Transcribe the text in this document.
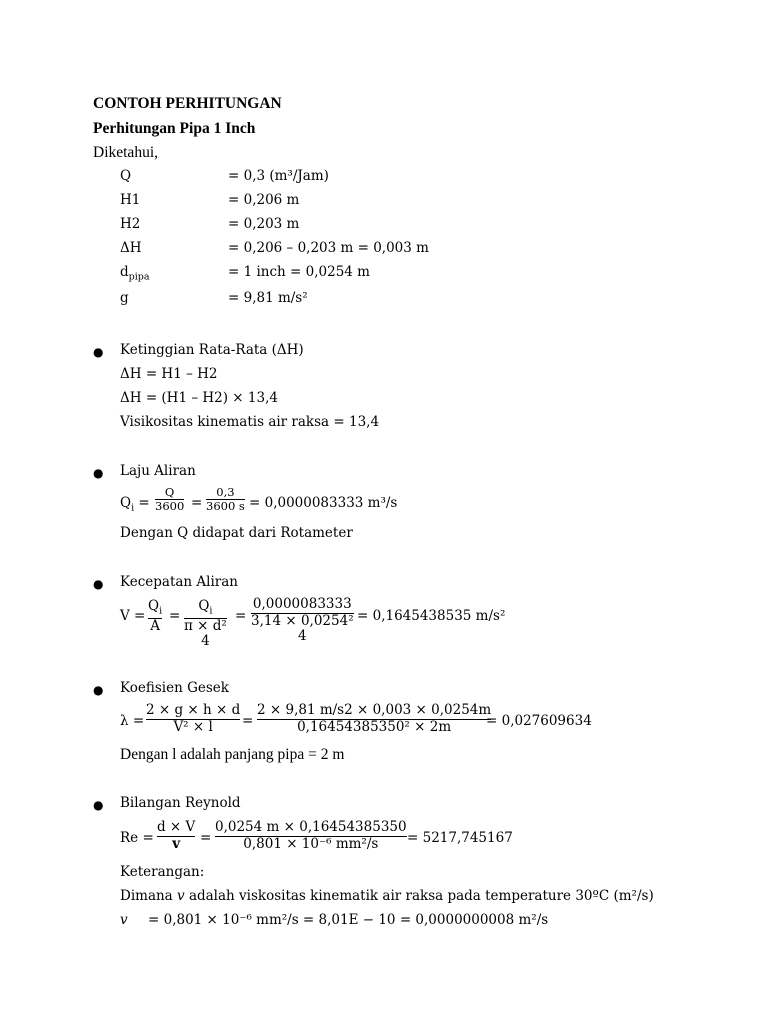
CONTOH PERHITUNGAN
Perhitungan Pipa 1 Inch
Diketahui,
Q	= 0,3 (m³/Jam)
H1	= 0,206 m
H2	= 0,203 m
ΔH	= 0,206 – 0,203 m = 0,003 m
$d_{pipa}$	= 1 inch = 0,0254 m
g	= 9,81 m/s²
● Ketinggian Rata-Rata (ΔH)
ΔH = H1 – H2
ΔH = (H1 – H2) × 13,4
Visikositas kinematis air raksa = 13,4
● Laju Aliran
$Q_i$ =
Q
3600 =
0,3
3600 s = 0,0000083333 m³/s
Dengan Q didapat dari Rotameter
● Kecepatan Aliran
V =
$Q_i$
A
=
$Q_i$
π × d²
4
=
0,0000083333
3,14 × 0,0254²
4
= 0,1645438535 m/s²
● Koefisien Gesek
λ =
2 × g × h × d
V² × l =
2 × 9,81 m/s2 × 0,003 × 0,0254m
0,16454385350² × 2m	= 0,027609634
Dengan l adalah panjang pipa = 2 m
● Bilangan Reynold
Re =
d × V
v =
0,0254 m × 0,16454385350
0,801 × 10⁻⁶ mm²/s = 5217,745167
Keterangan:
Dimana 𝑣 adalah viskositas kinematik air raksa pada temperature 30ºC (m²/s)
𝑣 = 0,801 × 10⁻⁶ mm²/s = 8,01E − 10 = 0,0000000008 m²/s
